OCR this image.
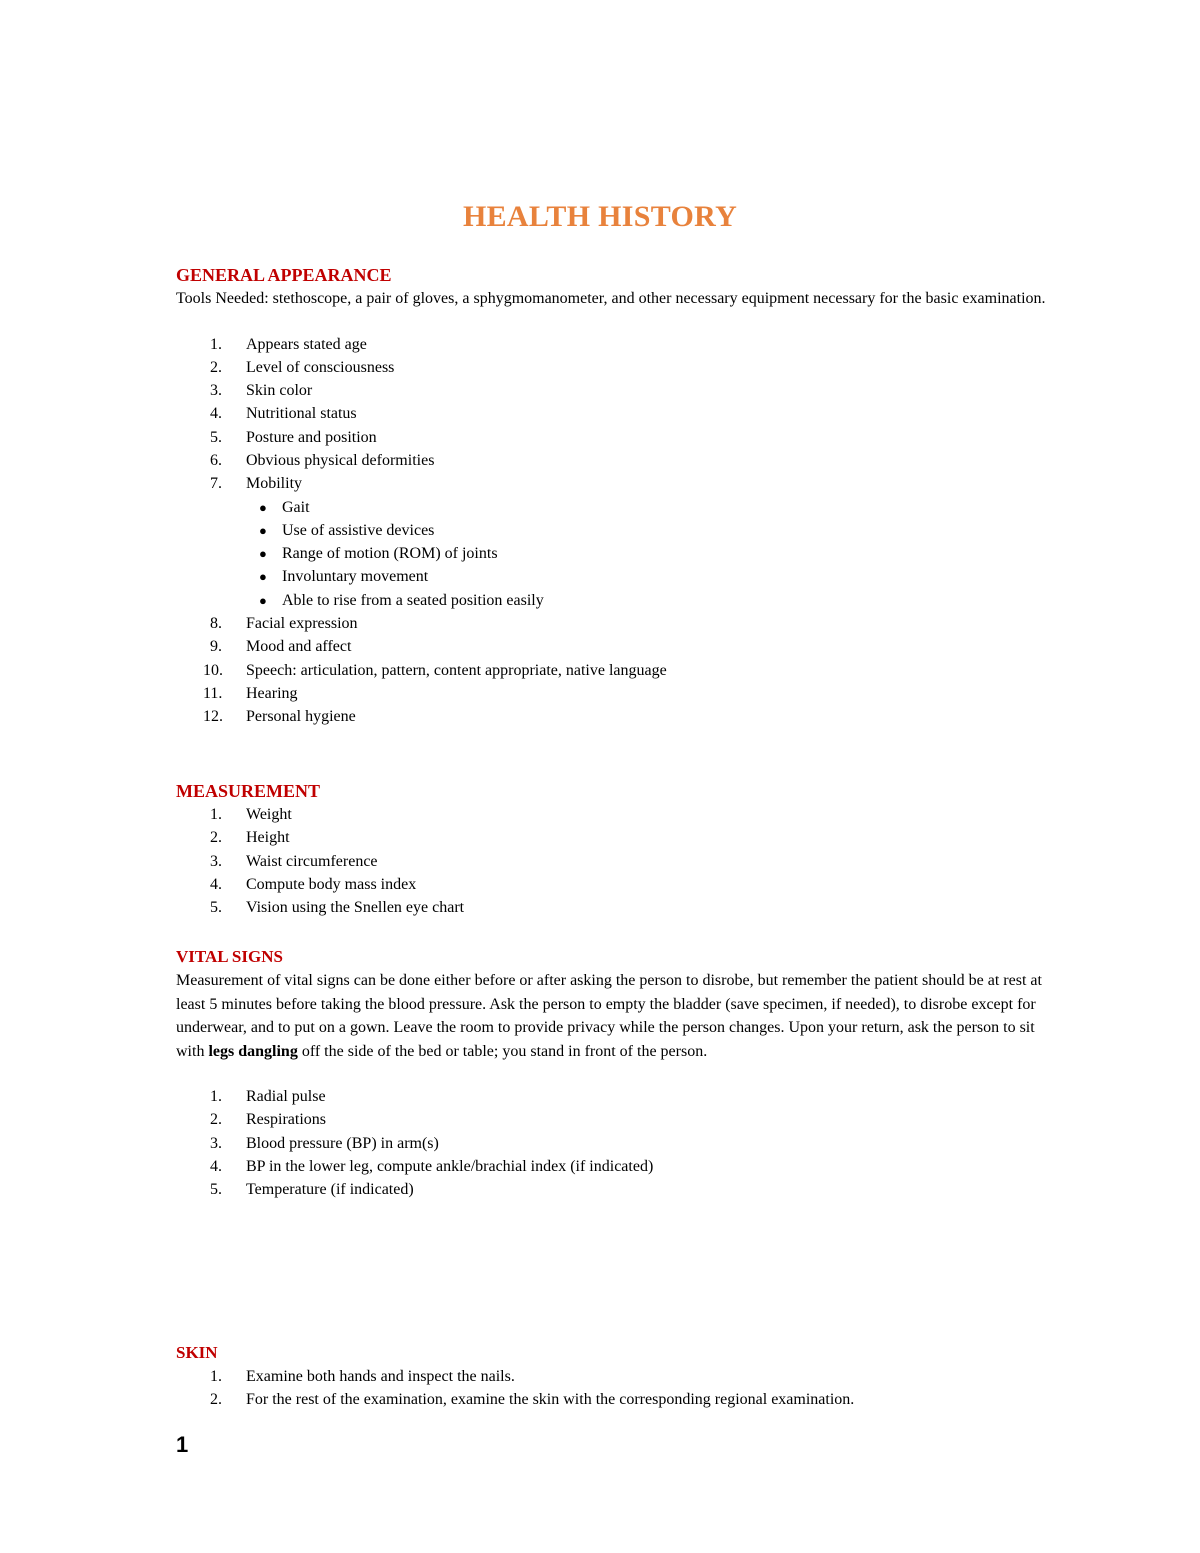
HEALTH HISTORY
GENERAL APPEARANCE

Tools Needed: stethoscope, a pair of gloves, a sphygmomanometer, and other necessary equipment necessary for the basic examination.

1. Appears stated age
2. Level of consciousness
3. Skin color
4. Nutritional status
5. Posture and position
6. Obvious physical deformities
7. Mobility
● Gait
● Use of assistive devices
● Range of motion (ROM) of joints
● Involuntary movement
● Able to rise from a seated position easily
8. Facial expression
9. Mood and affect
10. Speech: articulation, pattern, content appropriate, native language
11. Hearing
12. Personal hygiene
MEASUREMENT
1. Weight
2. Height
3. Waist circumference
4. Compute body mass index
5. Vision using the Snellen eye chart
VITAL SIGNS

Measurement of vital signs can be done either before or after asking the person to disrobe, but remember the patient should be at rest at least 5 minutes before taking the blood pressure. Ask the person to empty the bladder (save specimen, if needed), to disrobe except for underwear, and to put on a gown. Leave the room to provide privacy while the person changes. Upon your return, ask the person to sit with legs dangling off the side of the bed or table; you stand in front of the person.

1. Radial pulse
2. Respirations
3. Blood pressure (BP) in arm(s)
4. BP in the lower leg, compute ankle/brachial index (if indicated)
5. Temperature (if indicated)
SKIN
1. Examine both hands and inspect the nails.
2. For the rest of the examination, examine the skin with the corresponding regional examination.
1
